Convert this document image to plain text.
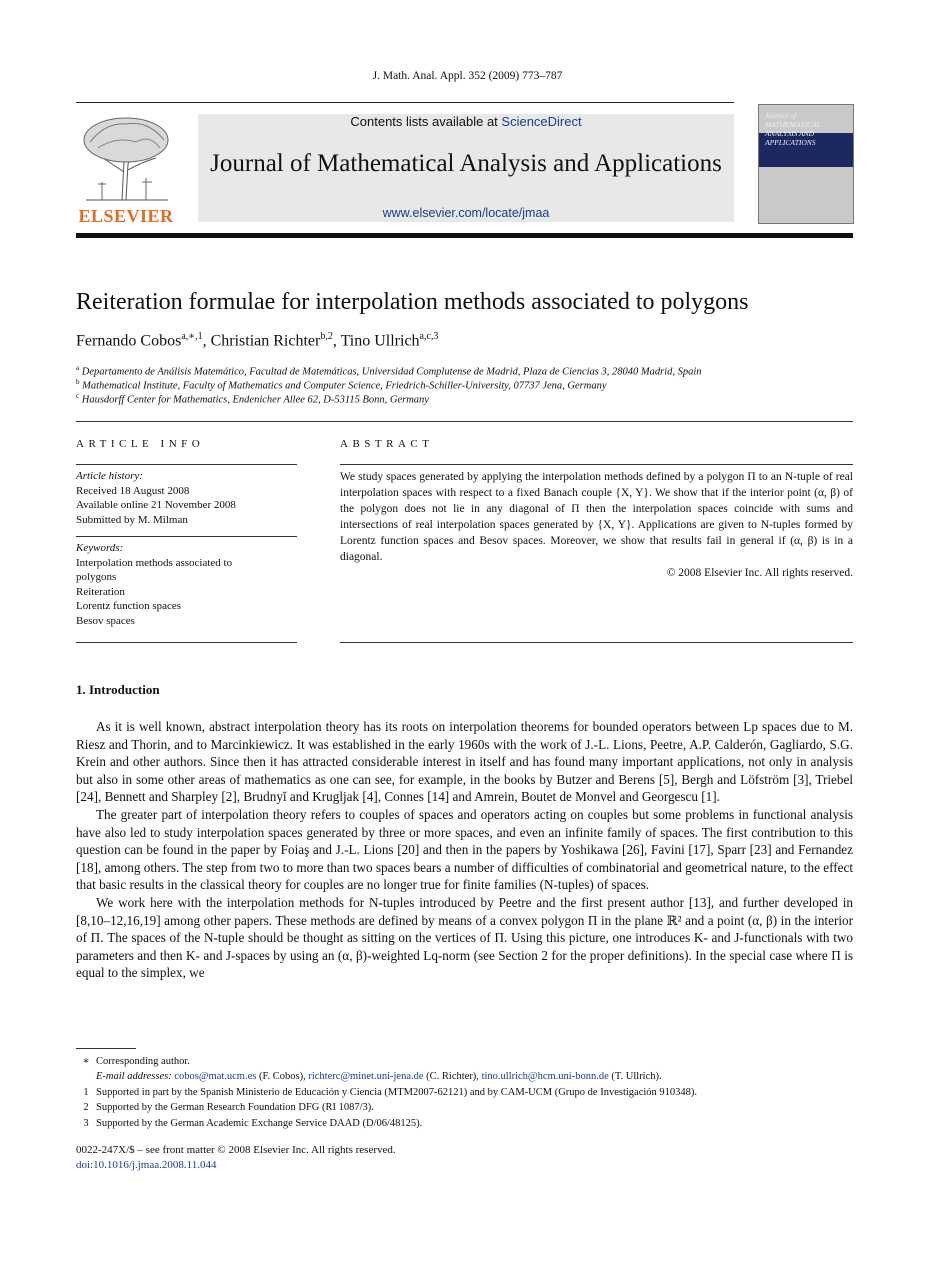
J. Math. Anal. Appl. 352 (2009) 773–787
ELSEVIER
Contents lists available at ScienceDirect
Journal of Mathematical Analysis and Applications
www.elsevier.com/locate/jmaa
Journal of MATHEMATICAL ANALYSIS AND APPLICATIONS
Reiteration formulae for interpolation methods associated to polygons
Fernando Cobos$^{a,∗,1}$, Christian Richter$^{b,2}$, Tino Ullrich$^{a,c,3}$
$^a$ Departamento de Análisis Matemático, Facultad de Matemáticas, Universidad Complutense de Madrid, Plaza de Ciencias 3, 28040 Madrid, Spain
$^b$ Mathematical Institute, Faculty of Mathematics and Computer Science, Friedrich-Schiller-University, 07737 Jena, Germany
$^c$ Hausdorff Center for Mathematics, Endenicher Allee 62, D-53115 Bonn, Germany
ARTICLE INFO
Article history:
Received 18 August 2008
Available online 21 November 2008
Submitted by M. Milman
Keywords:
Interpolation methods associated to
polygons
Reiteration
Lorentz function spaces
Besov spaces
ABSTRACT
We study spaces generated by applying the interpolation methods defined by a polygon Π to an N-tuple of real interpolation spaces with respect to a fixed Banach couple {X, Y}. We show that if the interior point (α, β) of the polygon does not lie in any diagonal of Π then the interpolation spaces coincide with sums and intersections of real interpolation spaces generated by {X, Y}. Applications are given to N-tuples formed by Lorentz function spaces and Besov spaces. Moreover, we show that results fail in general if (α, β) is in a diagonal.
© 2008 Elsevier Inc. All rights reserved.
1. Introduction

As it is well known, abstract interpolation theory has its roots on interpolation theorems for bounded operators between Lp spaces due to M. Riesz and Thorin, and to Marcinkiewicz. It was established in the early 1960s with the work of J.-L. Lions, Peetre, A.P. Calderón, Gagliardo, S.G. Krein and other authors. Since then it has attracted considerable interest in itself and has found many important applications, not only in analysis but also in some other areas of mathematics as one can see, for example, in the books by Butzer and Berens [5], Bergh and Löfström [3], Triebel [24], Bennett and Sharpley [2], Brudnyĭ and Krugljak [4], Connes [14] and Amrein, Boutet de Monvel and Georgescu [1].

The greater part of interpolation theory refers to couples of spaces and operators acting on couples but some problems in functional analysis have also led to study interpolation spaces generated by three or more spaces, and even an infinite family of spaces. The first contribution to this question can be found in the paper by Foiaş and J.-L. Lions [20] and then in the papers by Yoshikawa [26], Favini [17], Sparr [23] and Fernandez [18], among others. The step from two to more than two spaces bears a number of difficulties of combinatorial and geometrical nature, to the effect that basic results in the classical theory for couples are no longer true for finite families (N-tuples) of spaces.

We work here with the interpolation methods for N-tuples introduced by Peetre and the first present author [13], and further developed in [8,10–12,16,19] among other papers. These methods are defined by means of a convex polygon Π in the plane ℝ² and a point (α, β) in the interior of Π. The spaces of the N-tuple should be thought as sitting on the vertices of Π. Using this picture, one introduces K- and J-functionals with two parameters and then K- and J-spaces by using an (α, β)-weighted Lq-norm (see Section 2 for the proper definitions). In the special case where Π is equal to the simplex, we

∗ Corresponding author.
E-mail addresses: cobos@mat.ucm.es (F. Cobos), richterc@minet.uni-jena.de (C. Richter), tino.ullrich@hcm.uni-bonn.de (T. Ullrich).
1 Supported in part by the Spanish Ministerio de Educación y Ciencia (MTM2007-62121) and by CAM-UCM (Grupo de Investigación 910348).
2 Supported by the German Research Foundation DFG (RI 1087/3).
3 Supported by the German Academic Exchange Service DAAD (D/06/48125).
0022-247X/$ – see front matter © 2008 Elsevier Inc. All rights reserved.
doi:10.1016/j.jmaa.2008.11.044
